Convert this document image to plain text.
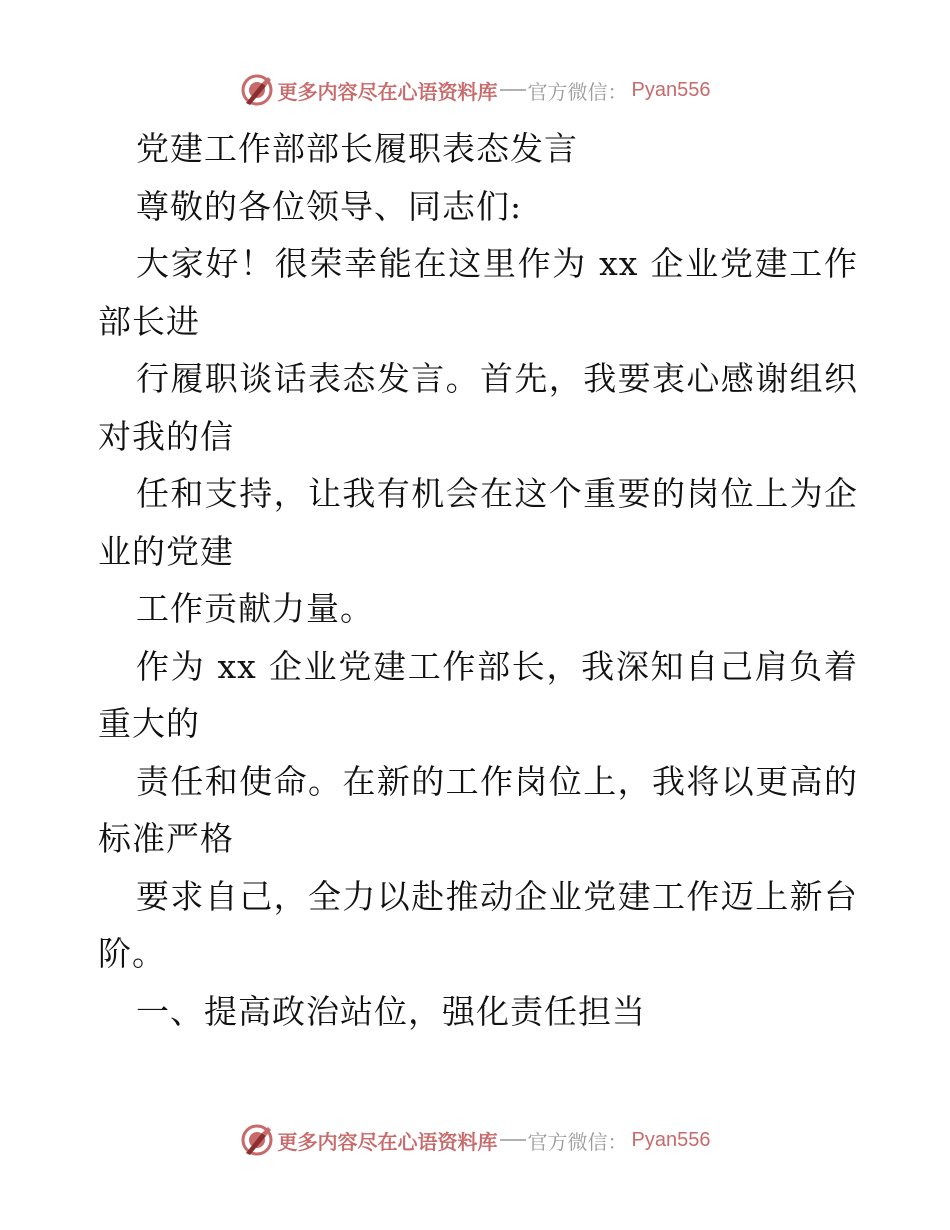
更多内容尽在心语资料库 官方微信： Pyan556
党建工作部部长履职表态发言
尊敬的各位领导、同志们:
大家好！很荣幸能在这里作为 xx 企业党建工作
部长进
行履职谈话表态发言。首先，我要衷心感谢组织
对我的信
任和支持，让我有机会在这个重要的岗位上为企
业的党建
工作贡献力量。
作为 xx 企业党建工作部长，我深知自己肩负着
重大的
责任和使命。在新的工作岗位上，我将以更高的
标准严格
要求自己，全力以赴推动企业党建工作迈上新台
阶。
一、提高政治站位，强化责任担当
更多内容尽在心语资料库 官方微信： Pyan556
